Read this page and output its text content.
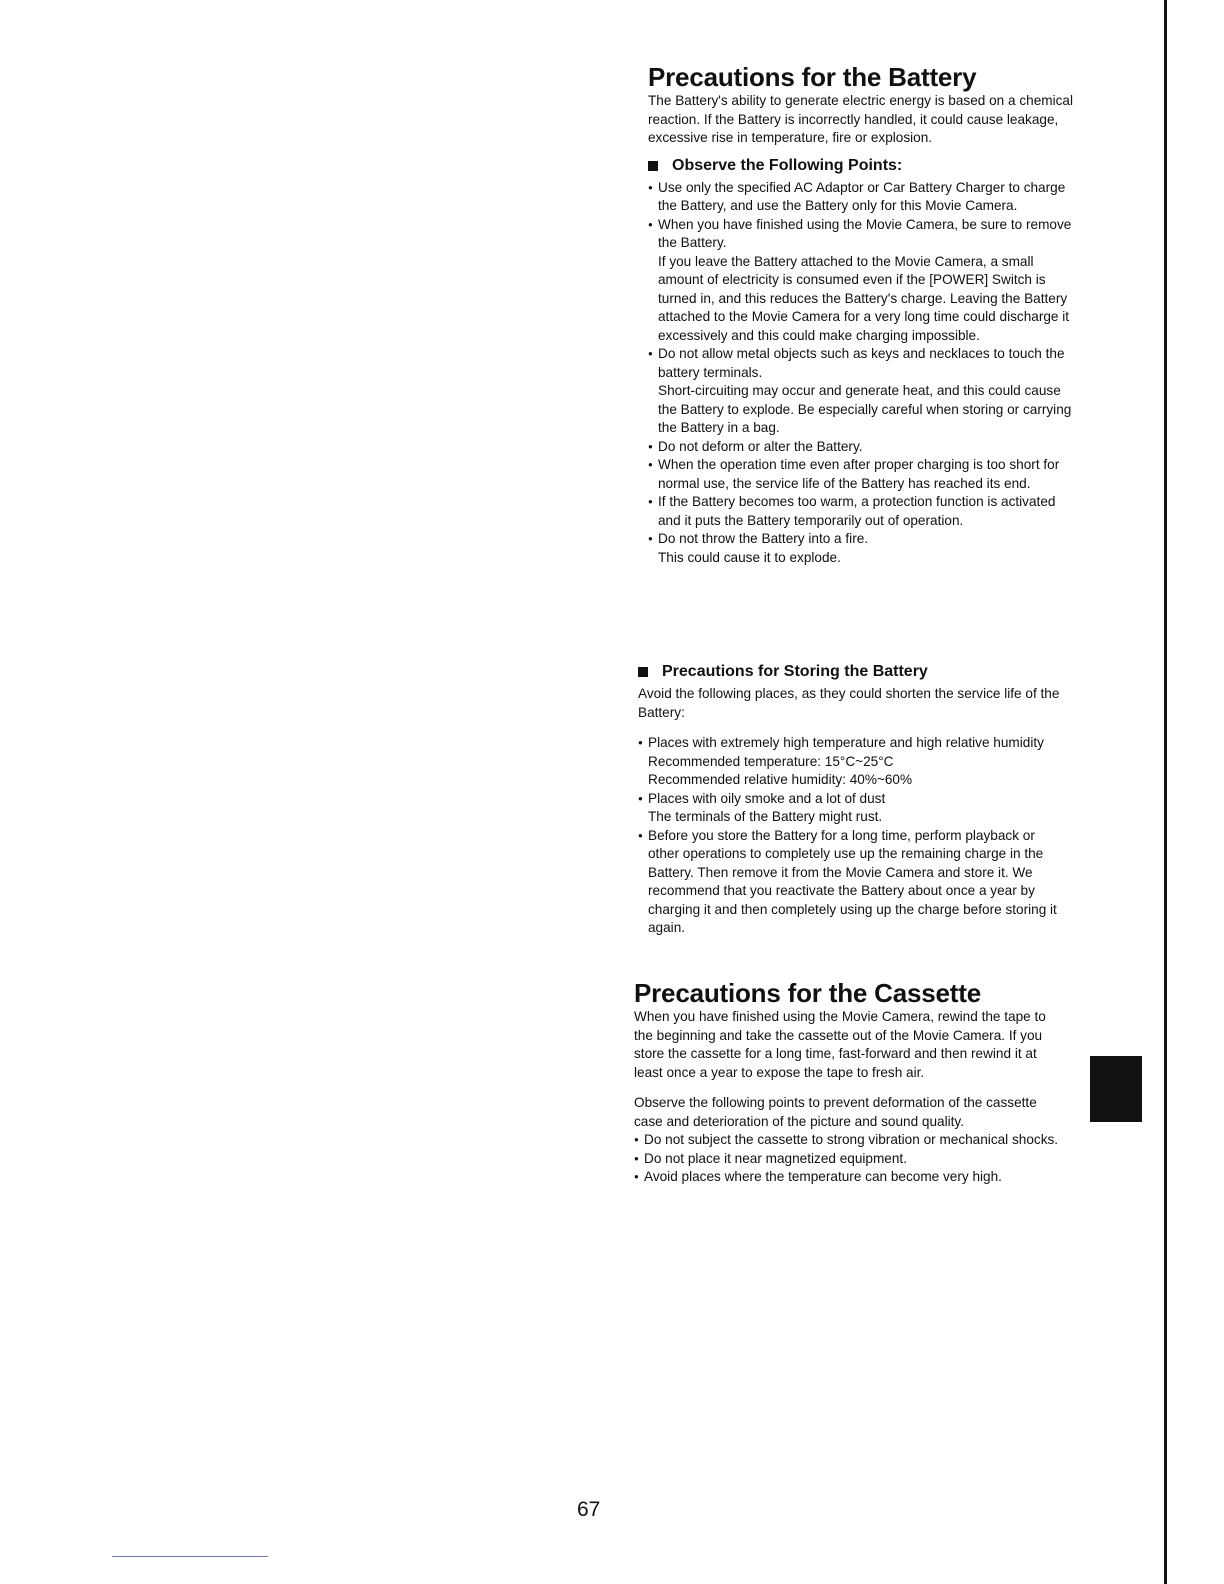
Precautions for the Battery

The Battery's ability to generate electric energy is based on a chemical reaction. If the Battery is incorrectly handled, it could cause leakage, excessive rise in temperature, fire or explosion.

Observe the Following Points:
● Use only the specified AC Adaptor or Car Battery Charger to charge the Battery, and use the Battery only for this Movie Camera.
● When you have finished using the Movie Camera, be sure to remove the Battery.

If you leave the Battery attached to the Movie Camera, a small amount of electricity is consumed even if the [POWER] Switch is turned in, and this reduces the Battery's charge. Leaving the Battery attached to the Movie Camera for a very long time could discharge it excessively and this could make charging impossible.

● Do not allow metal objects such as keys and necklaces to touch the battery terminals.

Short-circuiting may occur and generate heat, and this could cause the Battery to explode. Be especially careful when storing or carrying the Battery in a bag.

● Do not deform or alter the Battery.
● When the operation time even after proper charging is too short for normal use, the service life of the Battery has reached its end.
● If the Battery becomes too warm, a protection function is activated and it puts the Battery temporarily out of operation.
● Do not throw the Battery into a fire.

This could cause it to explode.

Precautions for Storing the Battery

Avoid the following places, as they could shorten the service life of the Battery:

● Places with extremely high temperature and high relative humidity

Recommended temperature: 15°C~25°C

Recommended relative humidity: 40%~60%

● Places with oily smoke and a lot of dust

The terminals of the Battery might rust.

● Before you store the Battery for a long time, perform playback or other operations to completely use up the remaining charge in the Battery. Then remove it from the Movie Camera and store it. We recommend that you reactivate the Battery about once a year by charging it and then completely using up the charge before storing it again.

Precautions for the Cassette

When you have finished using the Movie Camera, rewind the tape to the beginning and take the cassette out of the Movie Camera. If you store the cassette for a long time, fast-forward and then rewind it at least once a year to expose the tape to fresh air.

Observe the following points to prevent deformation of the cassette case and deterioration of the picture and sound quality.

● Do not subject the cassette to strong vibration or mechanical shocks.
● Do not place it near magnetized equipment.
● Avoid places where the temperature can become very high.
67
